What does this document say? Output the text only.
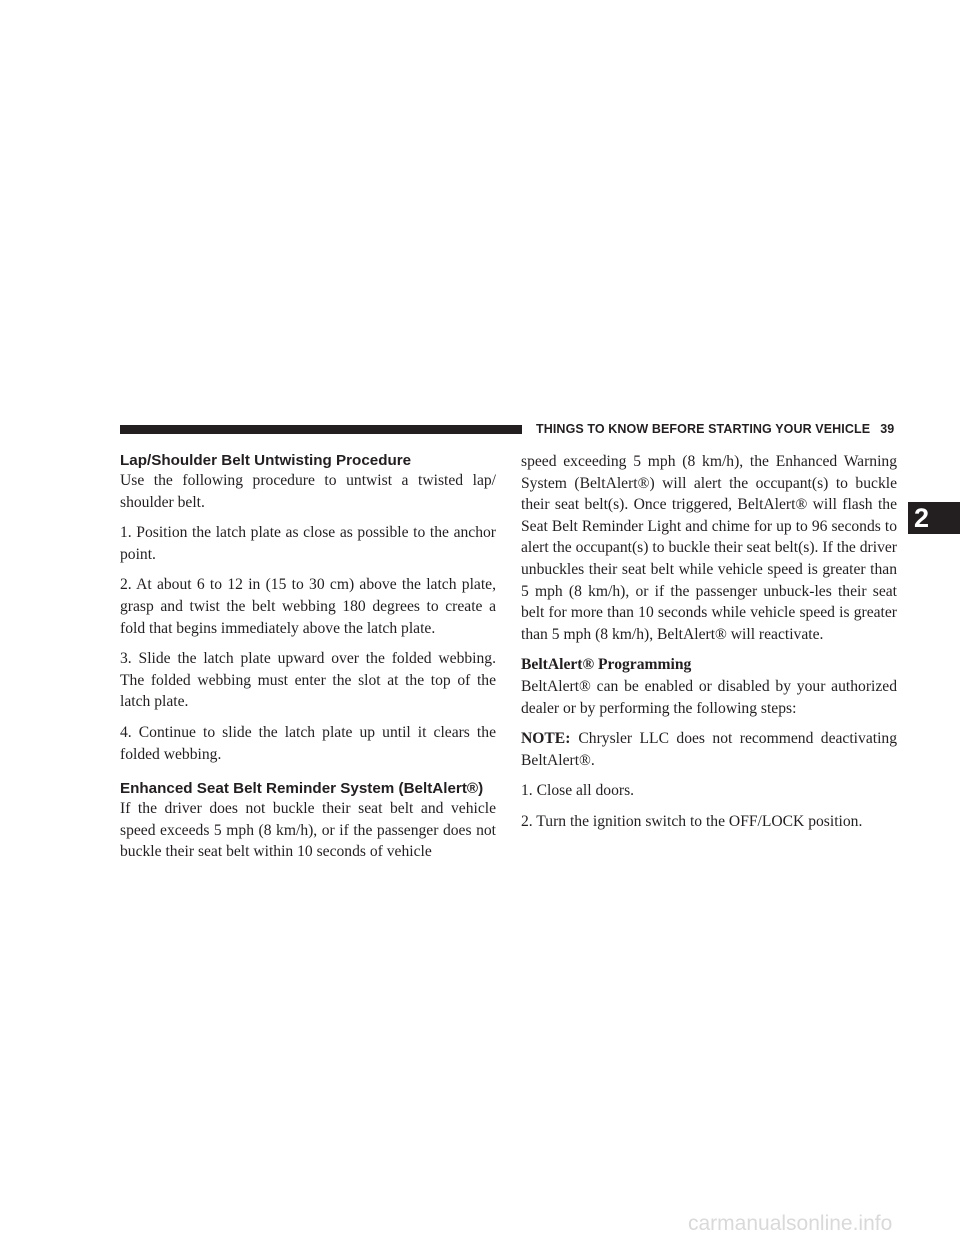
THINGS TO KNOW BEFORE STARTING YOUR VEHICLE 39
2
Lap/Shoulder Belt Untwisting Procedure

Use the following procedure to untwist a twisted lap/ shoulder belt.

1. Position the latch plate as close as possible to the anchor point.

2. At about 6 to 12 in (15 to 30 cm) above the latch plate, grasp and twist the belt webbing 180 degrees to create a fold that begins immediately above the latch plate.

3. Slide the latch plate upward over the folded webbing. The folded webbing must enter the slot at the top of the latch plate.

4. Continue to slide the latch plate up until it clears the folded webbing.

Enhanced Seat Belt Reminder System (BeltAlert®)

If the driver does not buckle their seat belt and vehicle speed exceeds 5 mph (8 km/h), or if the passenger does not buckle their seat belt within 10 seconds of vehicle

speed exceeding 5 mph (8 km/h), the Enhanced Warning System (BeltAlert®) will alert the occupant(s) to buckle their seat belt(s). Once triggered, BeltAlert® will flash the Seat Belt Reminder Light and chime for up to 96 seconds to alert the occupant(s) to buckle their seat belt(s). If the driver unbuckles their seat belt while vehicle speed is greater than 5 mph (8 km/h), or if the passenger unbuck-les their seat belt for more than 10 seconds while vehicle speed is greater than 5 mph (8 km/h), BeltAlert® will reactivate.

BeltAlert® Programming

BeltAlert® can be enabled or disabled by your authorized dealer or by performing the following steps:

NOTE: Chrysler LLC does not recommend deactivating BeltAlert®.

1. Close all doors.

2. Turn the ignition switch to the OFF/LOCK position.

carmanualsonline.info
